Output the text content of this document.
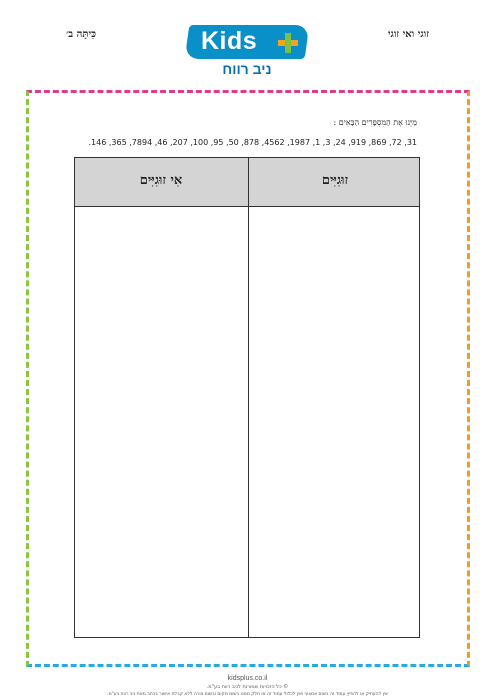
כִּיתָּה ב׳	זוגי ואי זוגי
Kids
ניב רווח
מַיְּנוּ אֶת הַמִּסְפָּרִים הַבָּאִים :
31, 72, 869, 919, 24, 3, 1, 1987, 4562, 878, 50, 95, 100, 207, 46, 7894, 365, 146.
אִי זוּגִיִּים	זוּגִיִּים
kidsplus.co.il
© כל הזכויות שמורות לניב רווח בע"מ.
אין להעתיק או להפיץ עמוד זה בשום אמצעי ואין לכלול עמוד זה או חלק ממנו בשום מקום ובשום צורה ללא קבלת אישור בכתב מאת ניב רווח בע"מ.
